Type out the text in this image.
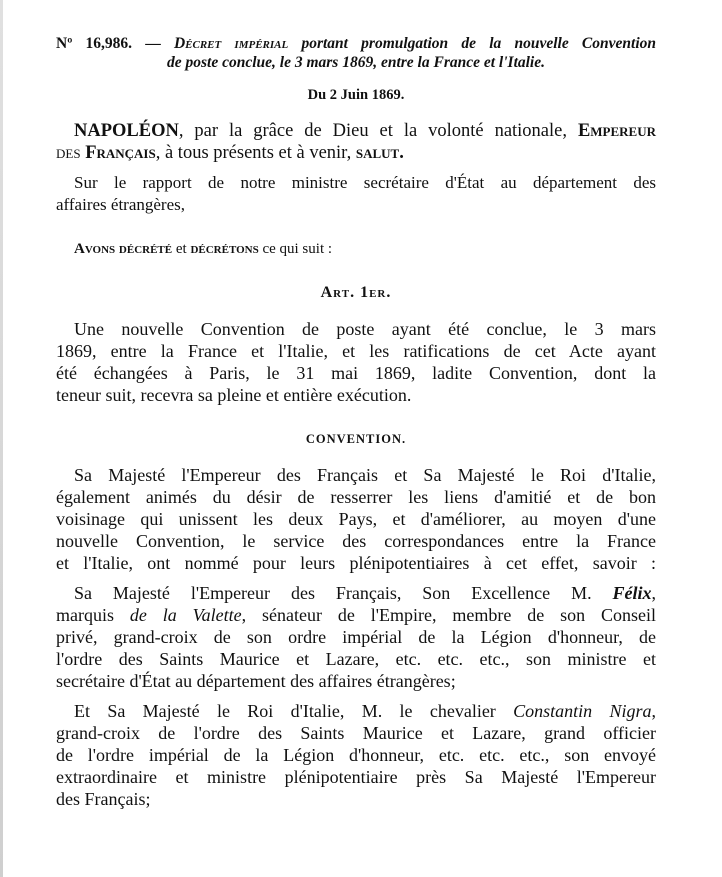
Nº 16,986. — Décret impérial portant promulgation de la nouvelle Convention
de poste conclue, le 3 mars 1869, entre la France et l'Italie.
Du 2 Juin 1869.
NAPOLÉON, par la grâce de Dieu et la volonté nationale, Empereur
des Français, à tous présents et à venir, salut.
Sur le rapport de notre ministre secrétaire d'État au département des
affaires étrangères,
Avons décrété et décrétons ce qui suit :
Art. 1er.
Une nouvelle Convention de poste ayant été conclue, le 3 mars
1869, entre la France et l'Italie, et les ratifications de cet Acte ayant
été échangées à Paris, le 31 mai 1869, ladite Convention, dont la
teneur suit, recevra sa pleine et entière exécution.
CONVENTION.
Sa Majesté l'Empereur des Français et Sa Majesté le Roi d'Italie,
également animés du désir de resserrer les liens d'amitié et de bon
voisinage qui unissent les deux Pays, et d'améliorer, au moyen d'une
nouvelle Convention, le service des correspondances entre la France
et l'Italie, ont nommé pour leurs plénipotentiaires à cet effet, savoir :
Sa Majesté l'Empereur des Français, Son Excellence M. Félix,
marquis de la Valette, sénateur de l'Empire, membre de son Conseil
privé, grand-croix de son ordre impérial de la Légion d'honneur, de
l'ordre des Saints Maurice et Lazare, etc. etc. etc., son ministre et
secrétaire d'État au département des affaires étrangères;
Et Sa Majesté le Roi d'Italie, M. le chevalier Constantin Nigra,
grand-croix de l'ordre des Saints Maurice et Lazare, grand officier
de l'ordre impérial de la Légion d'honneur, etc. etc. etc., son envoyé
extraordinaire et ministre plénipotentiaire près Sa Majesté l'Empereur
des Français;
